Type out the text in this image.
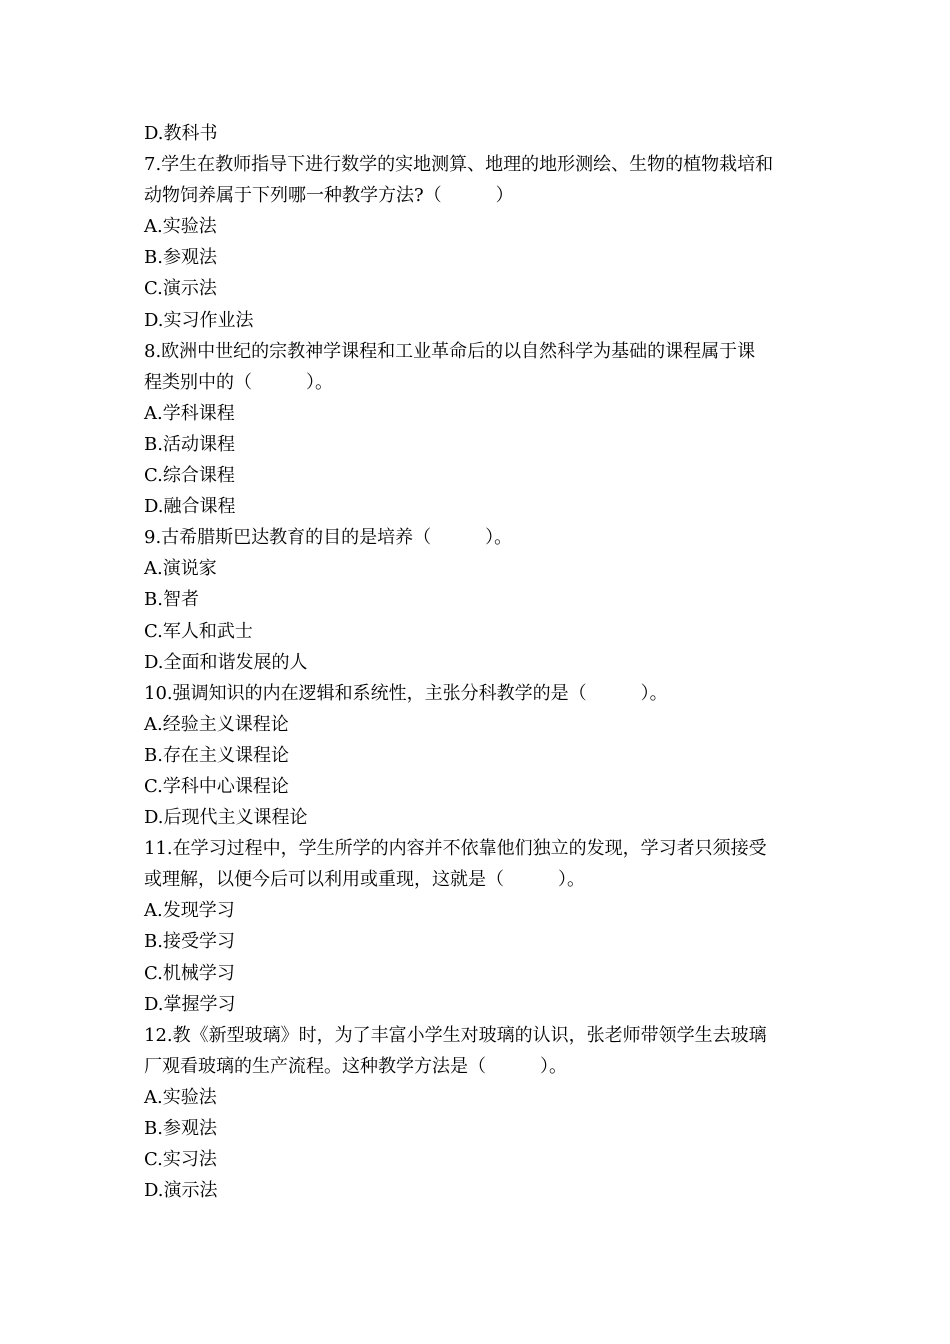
D.教科书
7.学生在教师指导下进行数学的实地测算、地理的地形测绘、生物的植物栽培和
动物饲养属于下列哪一种教学方法?（　　　）
A.实验法
B.参观法
C.演示法
D.实习作业法
8.欧洲中世纪的宗教神学课程和工业革命后的以自然科学为基础的课程属于课
程类别中的（　　　）。
A.学科课程
B.活动课程
C.综合课程
D.融合课程
9.古希腊斯巴达教育的目的是培养（　　　）。
A.演说家
B.智者
C.军人和武士
D.全面和谐发展的人
10.强调知识的内在逻辑和系统性，主张分科教学的是（　　　）。
A.经验主义课程论
B.存在主义课程论
C.学科中心课程论
D.后现代主义课程论
11.在学习过程中，学生所学的内容并不依靠他们独立的发现，学习者只须接受
或理解，以便今后可以利用或重现，这就是（　　　）。
A.发现学习
B.接受学习
C.机械学习
D.掌握学习
12.教《新型玻璃》时，为了丰富小学生对玻璃的认识，张老师带领学生去玻璃
厂观看玻璃的生产流程。这种教学方法是（　　　）。
A.实验法
B.参观法
C.实习法
D.演示法
